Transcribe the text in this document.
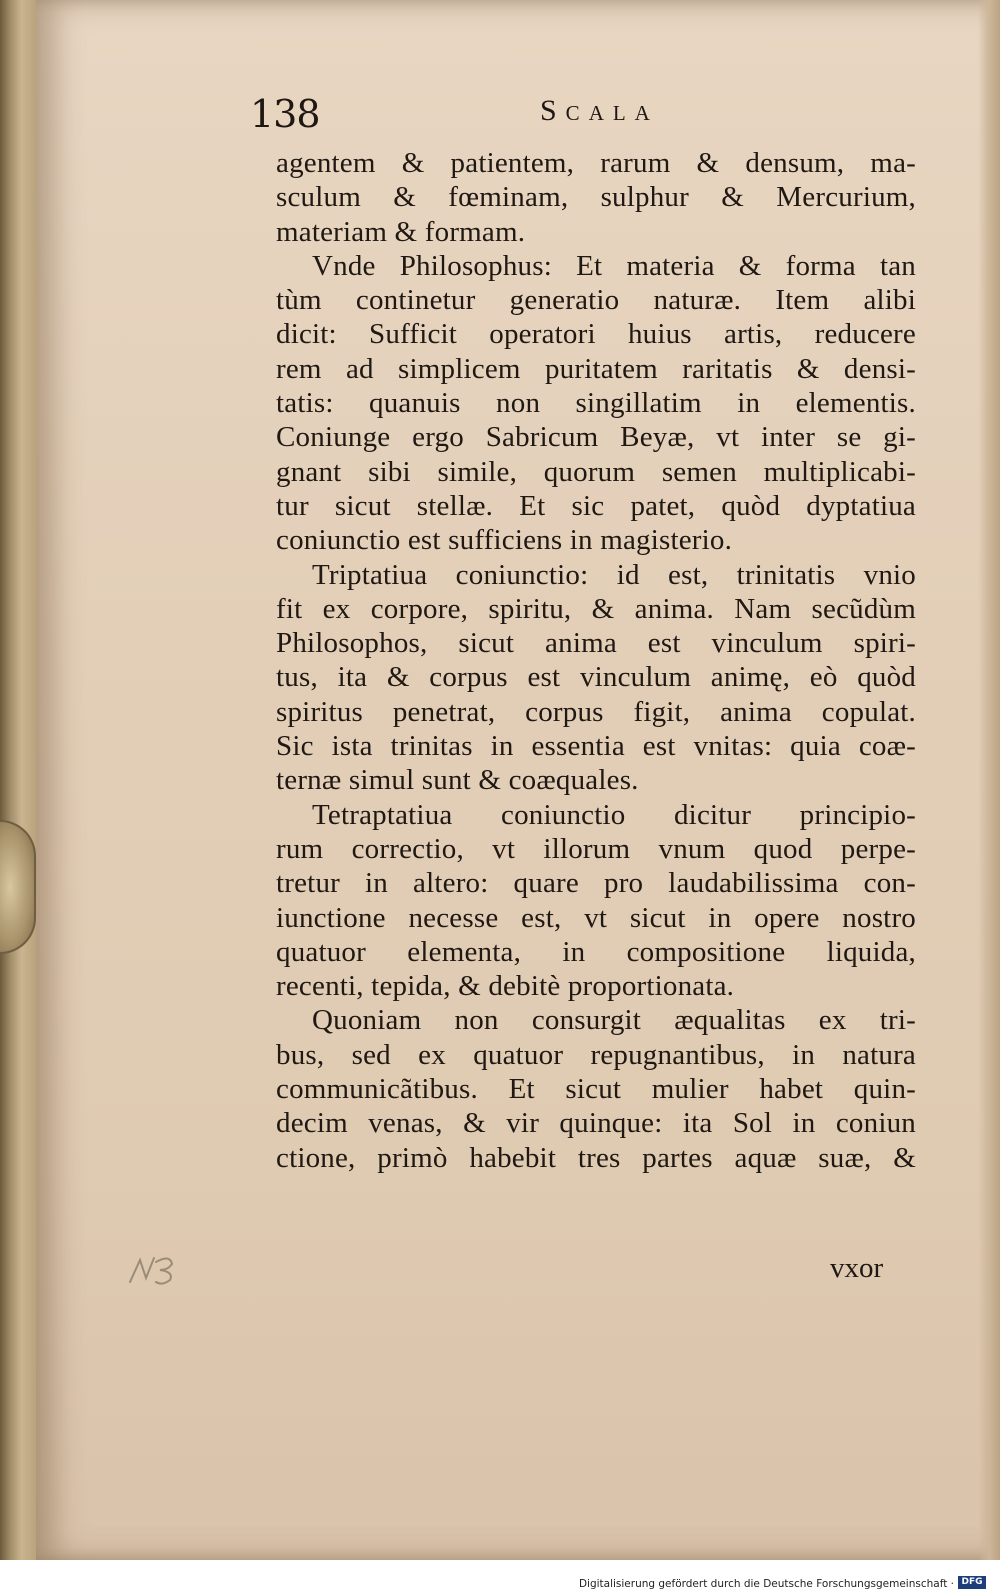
138	Scala
agentem & patientem, rarum & densum, ma-
sculum & fœminam, sulphur & Mercurium,
materiam & formam.
Vnde Philosophus: Et materia & forma tan
tùm continetur generatio naturæ. Item alibi
dicit: Sufficit operatori huius artis, reducere
rem ad simplicem puritatem raritatis & densi-
tatis: quanuis non singillatim in elementis.
Coniunge ergo Sabricum Beyæ, vt inter se gi-
gnant sibi simile, quorum semen multiplicabi-
tur sicut stellæ. Et sic patet, quòd dyptatiua
coniunctio est sufficiens in magisterio.
Triptatiua coniunctio: id est, trinitatis vnio
fit ex corpore, spiritu, & anima. Nam secũdùm
Philosophos, sicut anima est vinculum spiri-
tus, ita & corpus est vinculum animę, eò quòd
spiritus penetrat, corpus figit, anima copulat.
Sic ista trinitas in essentia est vnitas: quia coæ-
ternæ simul sunt & coæquales.
Tetraptatiua coniunctio dicitur principio-
rum correctio, vt illorum vnum quod perpe-
tretur in altero: quare pro laudabilissima con-
iunctione necesse est, vt sicut in opere nostro
quatuor elementa, in compositione liquida,
recenti, tepida, & debitè proportionata.
Quoniam non consurgit æqualitas ex tri-
bus, sed ex quatuor repugnantibus, in natura
communicãtibus. Et sicut mulier habet quin-
decim venas, & vir quinque: ita Sol in coniun
ctione, primò habebit tres partes aquæ suæ, &
vxor
Digitalisierung gefördert durch die Deutsche Forschungsgemeinschaft · DFG
